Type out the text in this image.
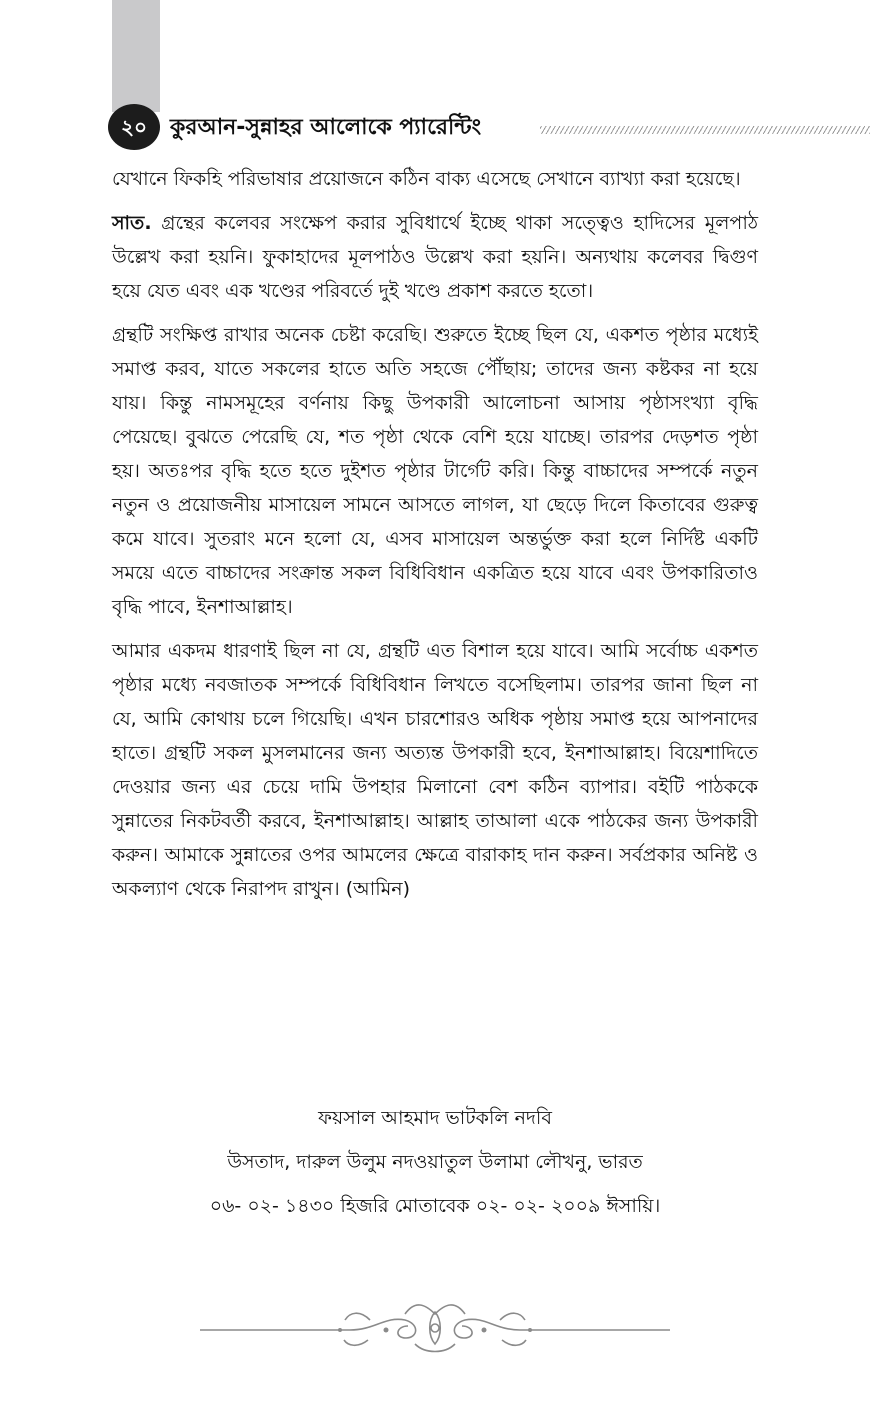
২০	কুরআন-সুন্নাহর আলোকে প্যারেন্টিং

যেখানে ফিকহি পরিভাষার প্রয়োজনে কঠিন বাক্য এসেছে সেখানে ব্যাখ্যা করা হয়েছে।

সাত. গ্রন্থের কলেবর সংক্ষেপ করার সুবিধার্থে ইচ্ছে থাকা সত্ত্বেও হাদিসের মূলপাঠ উল্লেখ করা হয়নি। ফুকাহাদের মূলপাঠও উল্লেখ করা হয়নি। অন্যথায় কলেবর দ্বিগুণ হয়ে যেত এবং এক খণ্ডের পরিবর্তে দুই খণ্ডে প্রকাশ করতে হতো।

গ্রন্থটি সংক্ষিপ্ত রাখার অনেক চেষ্টা করেছি। শুরুতে ইচ্ছে ছিল যে, একশত পৃষ্ঠার মধ্যেই সমাপ্ত করব, যাতে সকলের হাতে অতি সহজে পৌঁছায়; তাদের জন্য কষ্টকর না হয়ে যায়। কিন্তু নামসমূহের বর্ণনায় কিছু উপকারী আলোচনা আসায় পৃষ্ঠাসংখ্যা বৃদ্ধি পেয়েছে। বুঝতে পেরেছি যে, শত পৃষ্ঠা থেকে বেশি হয়ে যাচ্ছে। তারপর দেড়শত পৃষ্ঠা হয়। অতঃপর বৃদ্ধি হতে হতে দুইশত পৃষ্ঠার টার্গেট করি। কিন্তু বাচ্চাদের সম্পর্কে নতুন নতুন ও প্রয়োজনীয় মাসায়েল সামনে আসতে লাগল, যা ছেড়ে দিলে কিতাবের গুরুত্ব কমে যাবে। সুতরাং মনে হলো যে, এসব মাসায়েল অন্তর্ভুক্ত করা হলে নির্দিষ্ট একটি সময়ে এতে বাচ্চাদের সংক্রান্ত সকল বিধিবিধান একত্রিত হয়ে যাবে এবং উপকারিতাও বৃদ্ধি পাবে, ইনশাআল্লাহ।

আমার একদম ধারণাই ছিল না যে, গ্রন্থটি এত বিশাল হয়ে যাবে। আমি সর্বোচ্চ একশত পৃষ্ঠার মধ্যে নবজাতক সম্পর্কে বিধিবিধান লিখতে বসেছিলাম। তারপর জানা ছিল না যে, আমি কোথায় চলে গিয়েছি। এখন চারশোরও অধিক পৃষ্ঠায় সমাপ্ত হয়ে আপনাদের হাতে। গ্রন্থটি সকল মুসলমানের জন্য অত্যন্ত উপকারী হবে, ইনশাআল্লাহ। বিয়েশাদিতে দেওয়ার জন্য এর চেয়ে দামি উপহার মিলানো বেশ কঠিন ব্যাপার। বইটি পাঠককে সুন্নাতের নিকটবর্তী করবে, ইনশাআল্লাহ। আল্লাহ তাআলা একে পাঠকের জন্য উপকারী করুন। আমাকে সুন্নাতের ওপর আমলের ক্ষেত্রে বারাকাহ দান করুন। সর্বপ্রকার অনিষ্ট ও অকল্যাণ থেকে নিরাপদ রাখুন। (আমিন)

ফয়সাল আহমাদ ভাটকলি নদবি
উসতাদ, দারুল উলুম নদওয়াতুল উলামা লৌখনু, ভারত
০৬- ০২- ১৪৩০ হিজরি মোতাবেক ০২- ০২- ২০০৯ ঈসায়ি।
